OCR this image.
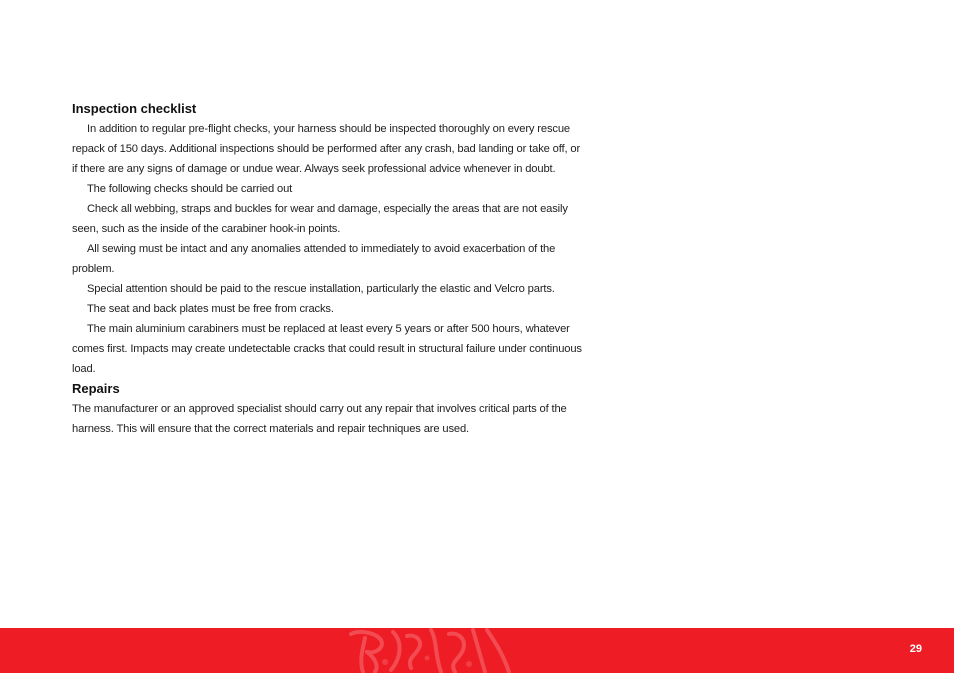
Inspection checklist

In addition to regular pre-flight checks, your harness should be inspected thoroughly on every rescue repack of 150 days. Additional inspections should be performed after any crash, bad landing or take off, or if there are any signs of damage or undue wear. Always seek professional advice whenever in doubt.

The following checks should be carried out

Check all webbing, straps and buckles for wear and damage, especially the areas that are not easily seen, such as the inside of the carabiner hook-in points.

All sewing must be intact and any anomalies attended to immediately to avoid exacerbation of the problem.

Special attention should be paid to the rescue installation, particularly the elastic and Velcro parts.

The seat and back plates must be free from cracks.

The main aluminium carabiners must be replaced at least every 5 years or after 500 hours, whatever comes first. Impacts may create undetectable cracks that could result in structural failure under continuous load.

Repairs

The manufacturer or an approved specialist should carry out any repair that involves critical parts of the harness. This will ensure that the correct materials and repair techniques are used.

29
